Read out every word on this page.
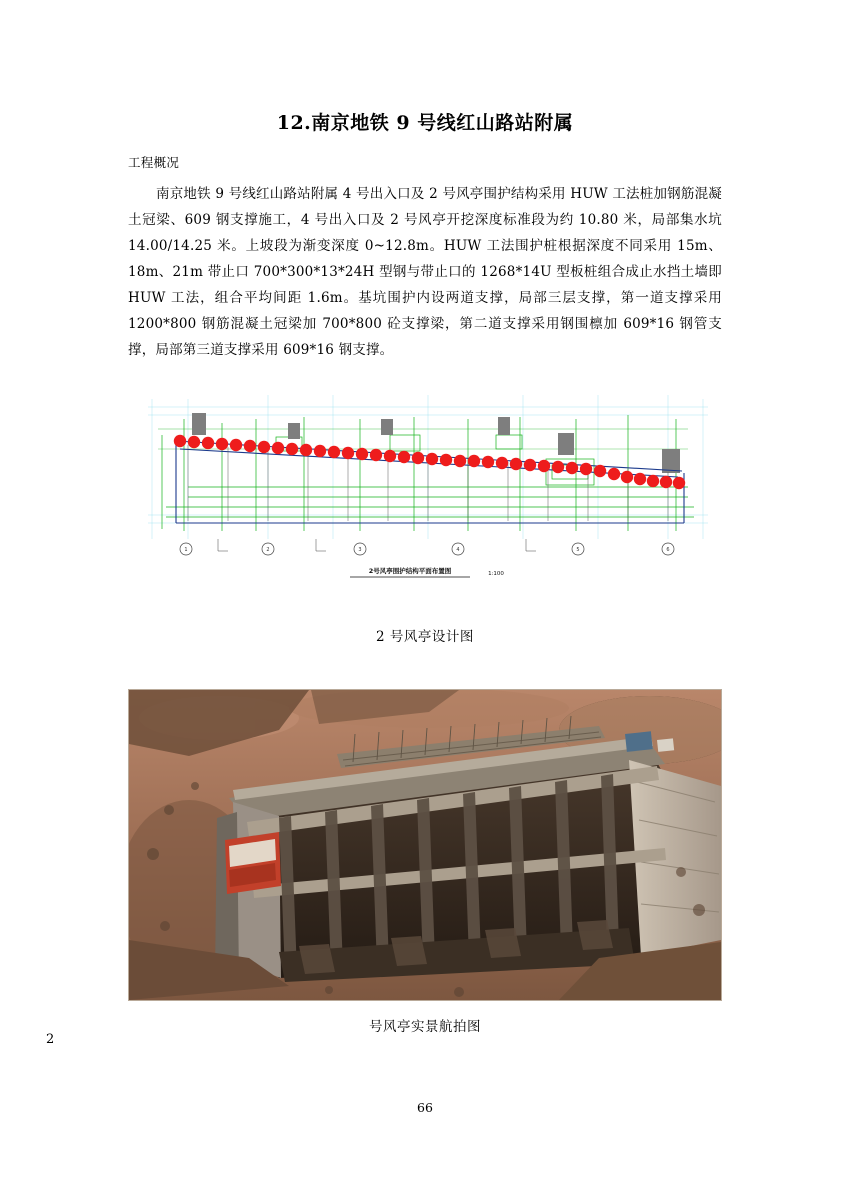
12.南京地铁 9 号线红山路站附属
工程概况

南京地铁 9 号线红山路站附属 4 号出入口及 2 号风亭围护结构采用 HUW 工法桩加钢筋混凝土冠梁、609 钢支撑施工，4 号出入口及 2 号风亭开挖深度标准段为约 10.80 米，局部集水坑 14.00/14.25 米。上坡段为渐变深度 0~12.8m。HUW 工法围护桩根据深度不同采用 15m、18m、21m 带止口 700*300*13*24H 型钢与带止口的 1268*14U 型板桩组合成止水挡土墙即 HUW 工法，组合平均间距 1.6m。基坑围护内设两道支撑，局部三层支撑，第一道支撑采用 1200*800 钢筋混凝土冠梁加 700*800 砼支撑梁，第二道支撑采用钢围檩加 609*16 钢管支撑，局部第三道支撑采用 609*16 钢支撑。

1	2	3	4	5	6
2号风亭围护结构平面布置图	1:100
2 号风亭设计图
号风亭实景航拍图
2
66
